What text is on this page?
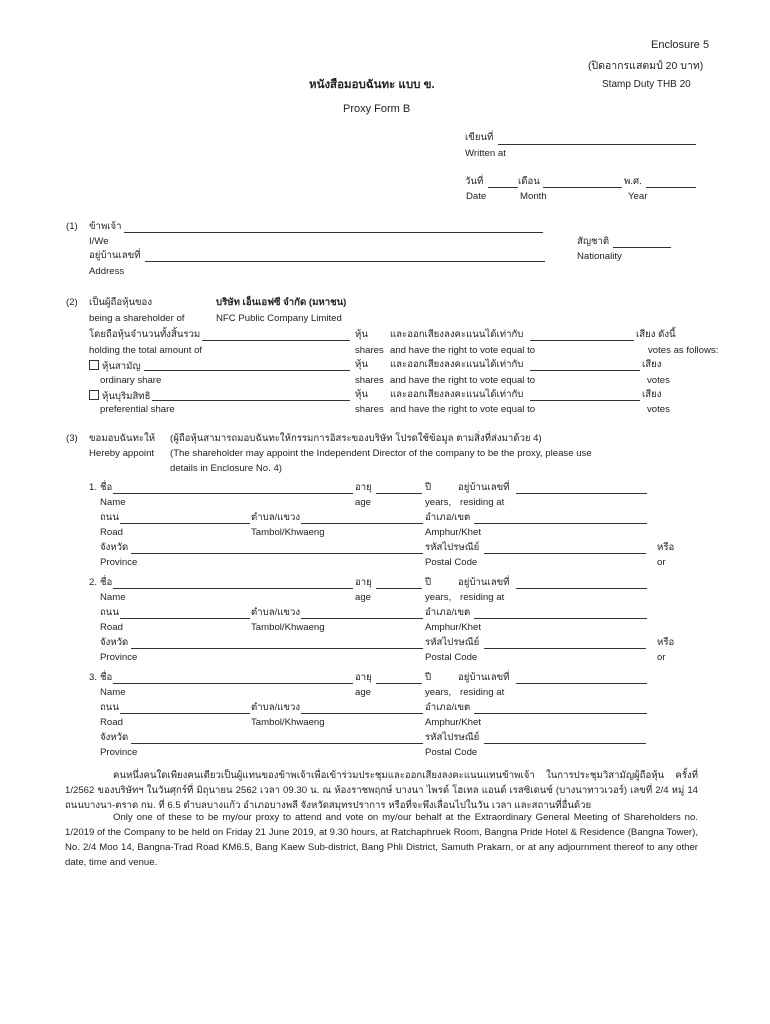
Enclosure 5
(ปิดอากรแสตมป์ 20 บาท)
Stamp Duty THB 20
หนังสือมอบฉันทะ แบบ ข.
Proxy Form B
เขียนที่
Written at
วันที่	เดือน	พ.ศ.
Date	Month	Year
(1) ข้าพเจ้า
I/We	สัญชาติ
อยู่บ้านเลขที่	Nationality
Address
(2) เป็นผู้ถือหุ้นของ	บริษัท เอ็นเอฟซี จำกัด (มหาชน)
being a shareholder of	NFC Public Company Limited
โดยถือหุ้นจำนวนทั้งสิ้นรวม	หุ้น และออกเสียงลงคะแนนได้เท่ากับ	เสียง ดังนี้
holding the total amount of	shares and have the right to vote equal to	votes as follows:
หุ้นสามัญ	หุ้น และออกเสียงลงคะแนนได้เท่ากับ	เสียง
ordinary share	shares and have the right to vote equal to	votes
หุ้นบุริมสิทธิ	หุ้น และออกเสียงลงคะแนนได้เท่ากับ	เสียง
preferential share	shares and have the right to vote equal to	votes
(3) ขอมอบฉันทะให้ (ผู้ถือหุ้นสามารถมอบฉันทะให้กรรมการอิสระของบริษัท โปรดใช้ข้อมูล ตามสิ่งที่ส่งมาด้วย 4)
Hereby appoint (The shareholder may appoint the Independent Director of the company to be the proxy, please use
details in Enclosure No. 4)
1. ชื่อ	อายุ	ปี	อยู่บ้านเลขที่
Name	age	years, residing at
ถนน	ตำบล/แขวง	อำเภอ/เขต
Road	Tambol/Khwaeng	Amphur/Khet
จังหวัด	รหัสไปรษณีย์
Province	Postal Code
หรือ
or
2. ชื่อ	อายุ	ปี	อยู่บ้านเลขที่
Name	age	years, residing at
ถนน	ตำบล/แขวง	อำเภอ/เขต
Road	Tambol/Khwaeng	Amphur/Khet
จังหวัด	รหัสไปรษณีย์
Province	Postal Code
หรือ
or
3. ชื่อ	อายุ	ปี	อยู่บ้านเลขที่
Name	age	years, residing at
ถนน	ตำบล/แขวง	อำเภอ/เขต
Road	Tambol/Khwaeng	Amphur/Khet
จังหวัด	รหัสไปรษณีย์
Province	Postal Code
คนหนึ่งคนใดเพียงคนเดียวเป็นผู้แทนของข้าพเจ้าเพื่อเข้าร่วมประชุมและออกเสียงลงคะแนนแทนข้าพเจ้า ในการประชุมวิสามัญผู้ถือหุ้น ครั้งที่ 1/2562 ของบริษัทฯ ในวันศุกร์ที่ มิถุนายน 2562 เวลา 09.30 น. ณ ห้องราชพฤกษ์ บางนา ไพรด์ โฮเทล แอนด์ เรสซิเดนซ์ (บางนาทาวเวอร์) เลขที่ 2/4 หมู่ 14 ถนนบางนา-ตราด กม. ที่ 6.5 ตำบลบางแก้ว อำเภอบางพลี จังหวัดสมุทรปราการ หรือที่จะพึงเลื่อนไปในวัน เวลา และสถานที่อื่นด้วย
Only one of these to be my/our proxy to attend and vote on my/our behalf at the Extraordinary General Meeting of Shareholders no. 1/2019 of the Company to be held on Friday 21 June 2019, at 9.30 hours, at Ratchaphruek Room, Bangna Pride Hotel & Residence (Bangna Tower), No. 2/4 Moo 14, Bangna-Trad Road KM6.5, Bang Kaew Sub-district, Bang Phli District, Samuth Prakarn, or at any adjournment thereof to any other date, time and venue.
